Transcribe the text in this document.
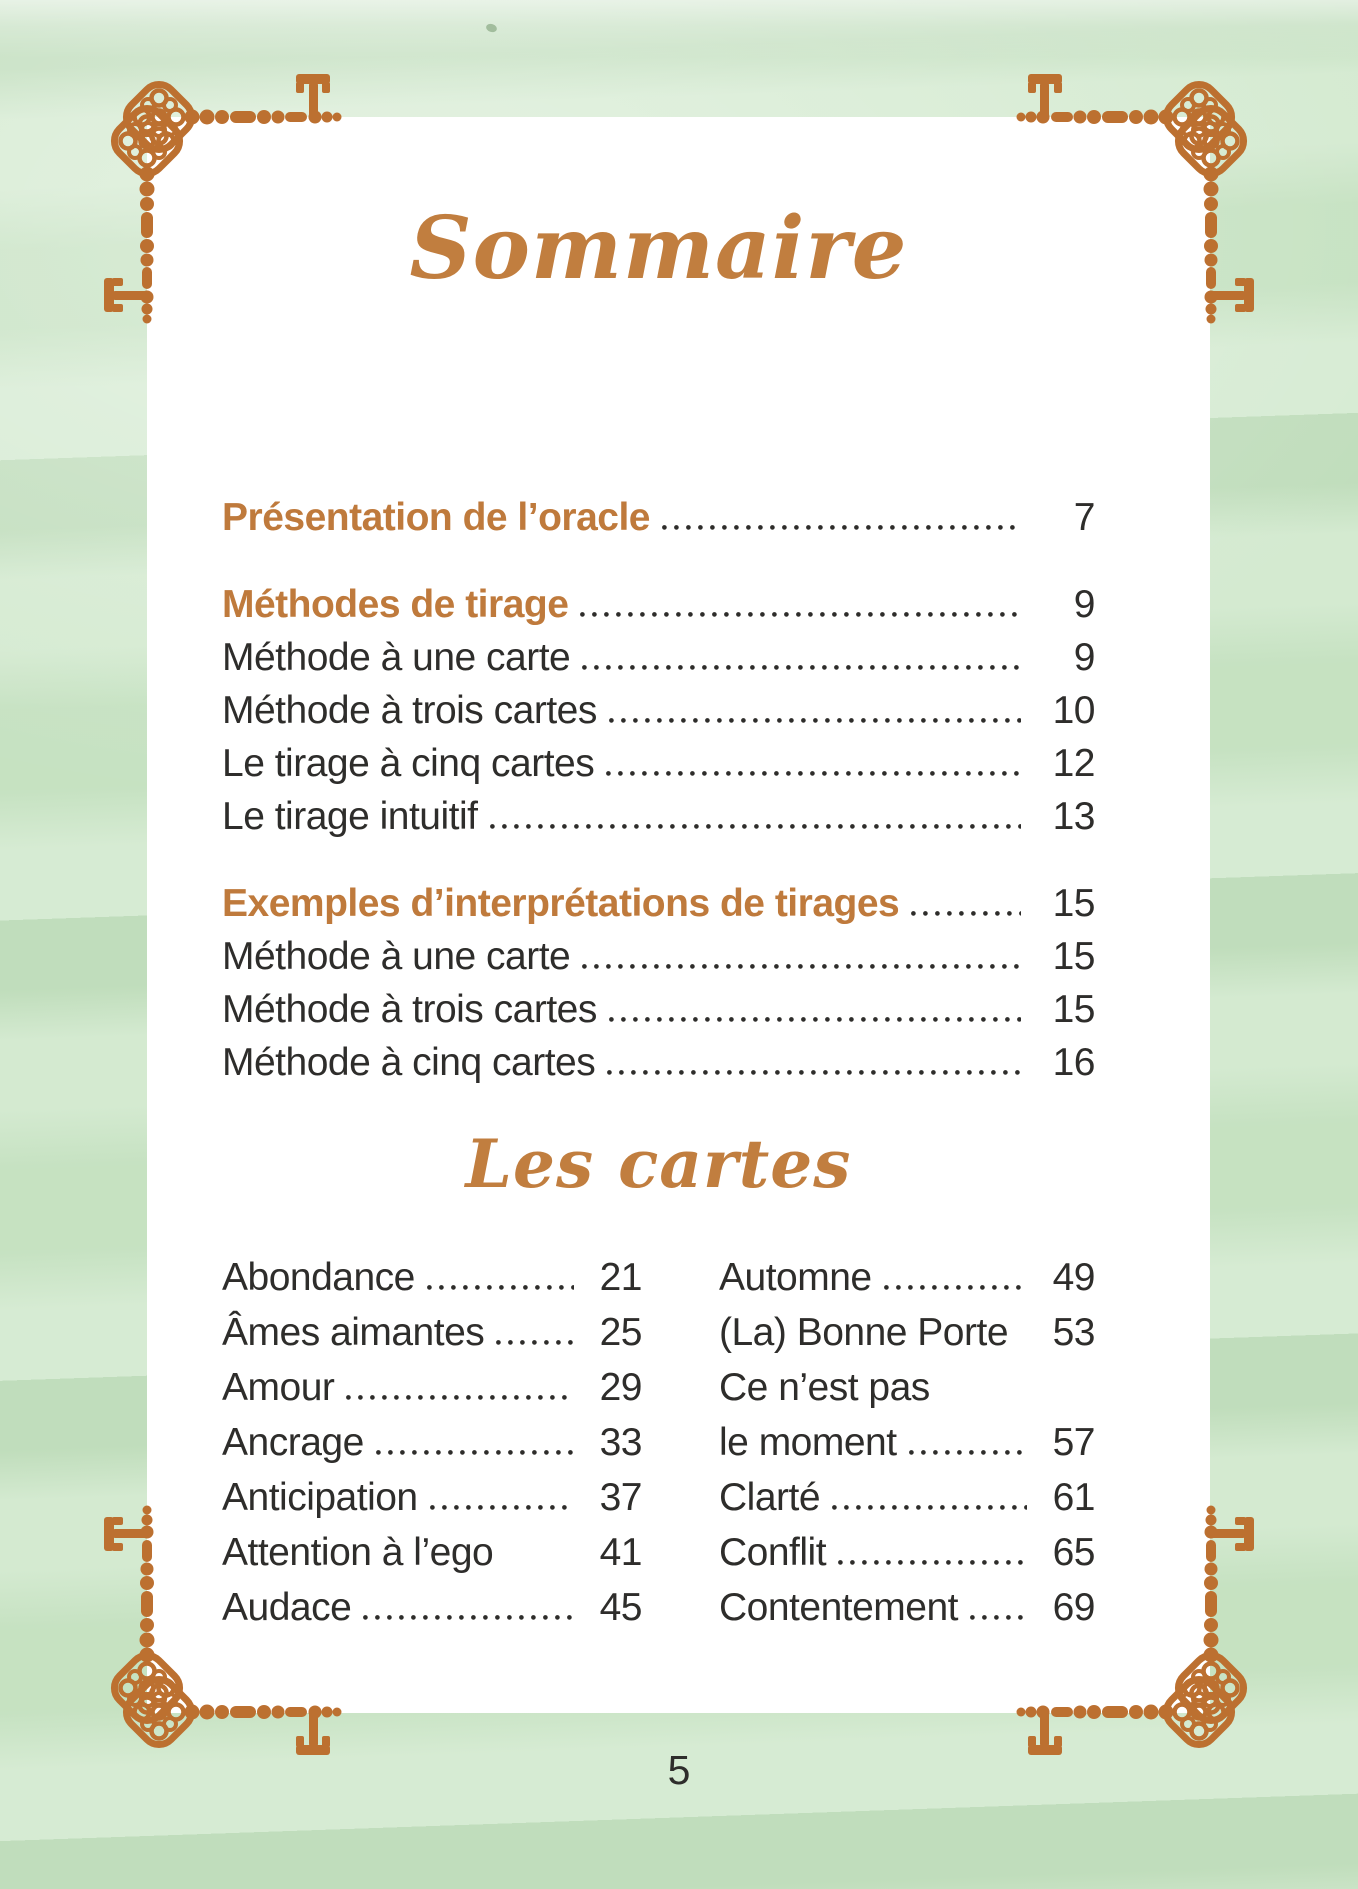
Sommaire
Présentation de l’oracle	7
Méthodes de tirage	9
Méthode à une carte	9
Méthode à trois cartes	10
Le tirage à cinq cartes	12
Le tirage intuitif	13
Exemples d’interprétations de tirages	15
Méthode à une carte	15
Méthode à trois cartes	15
Méthode à cinq cartes	16
Les cartes
Abondance	21
Âmes aimantes	25
Amour	29
Ancrage	33
Anticipation	37
Attention à l’ego	41
Audace	45
Automne	49
(La) Bonne Porte	53
Ce n’est pas
le moment	57
Clarté	61
Conflit	65
Contentement	69
5
